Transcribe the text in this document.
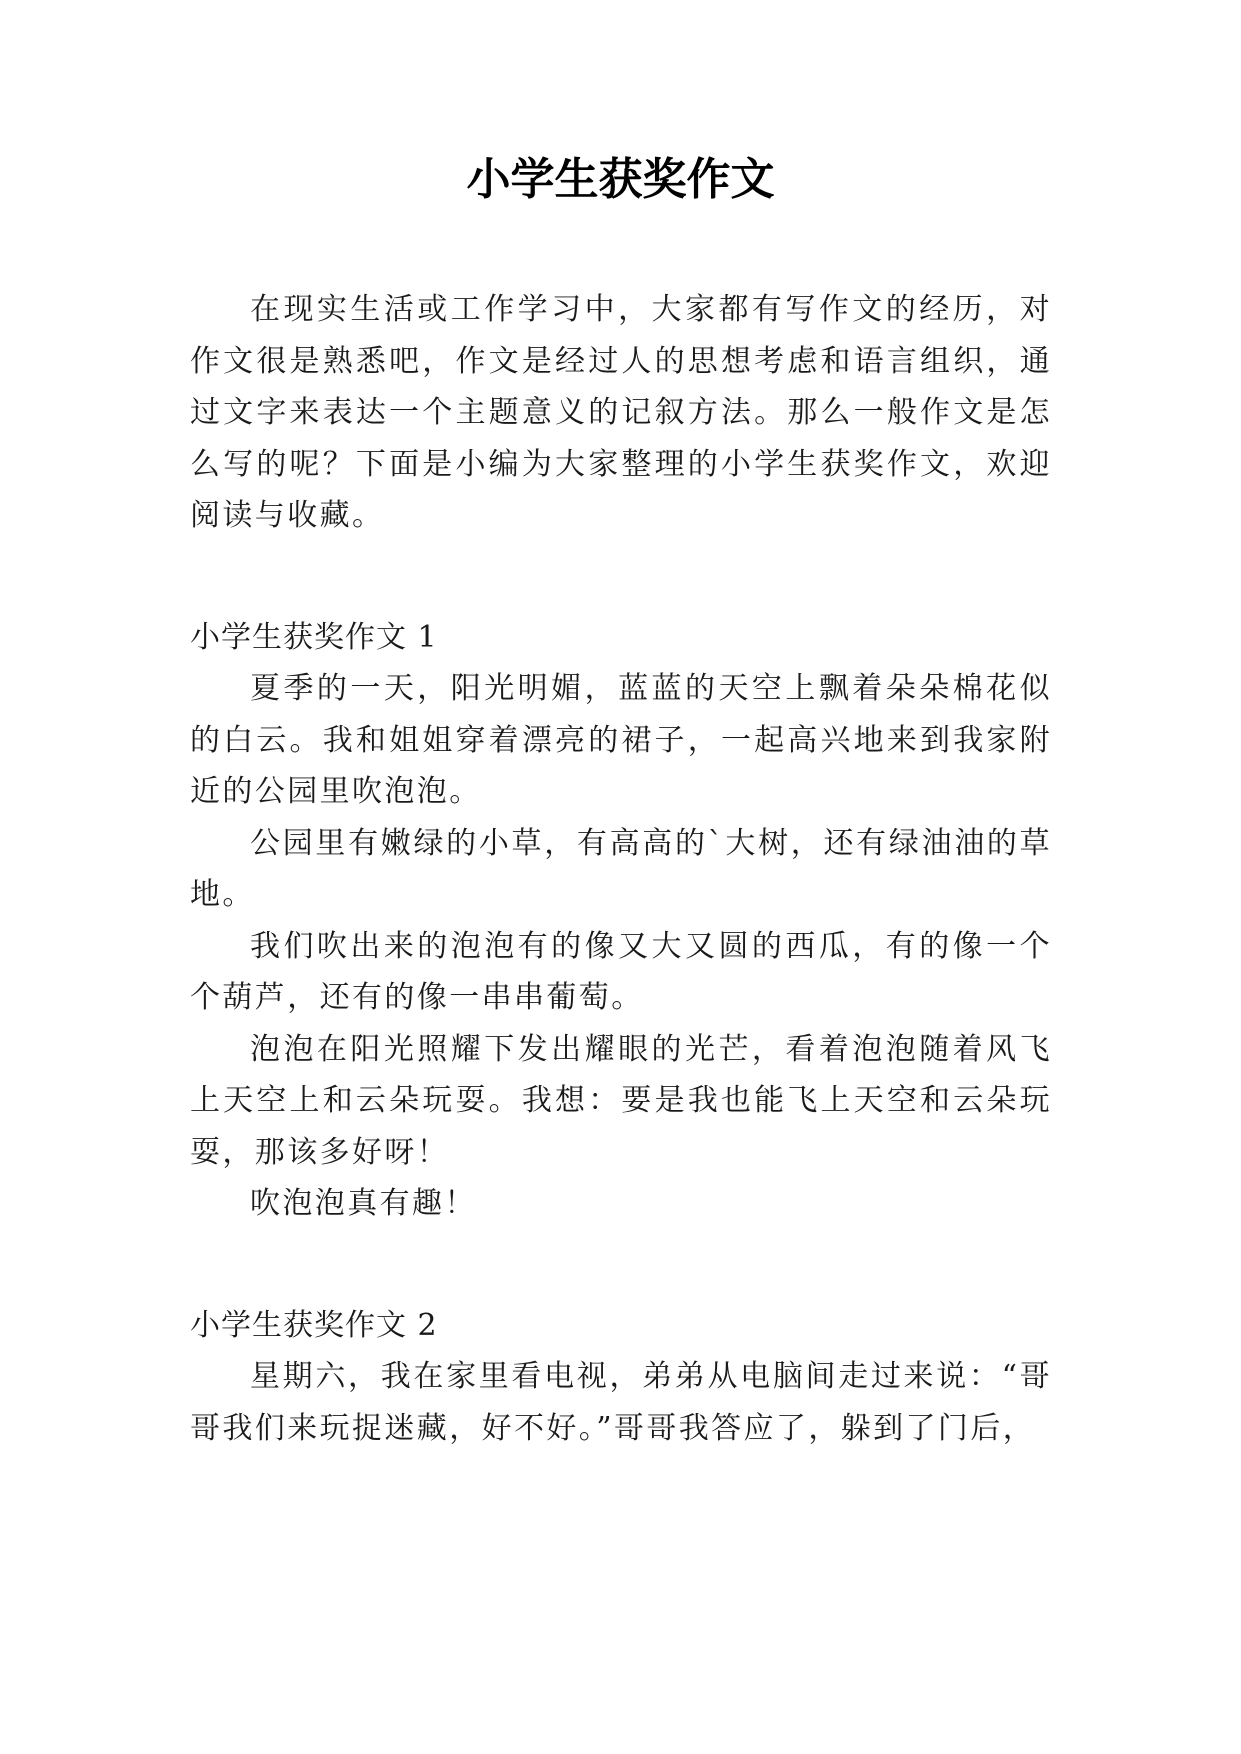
小学生获奖作文

在现实生活或工作学习中，大家都有写作文的经历，对作文很是熟悉吧，作文是经过人的思想考虑和语言组织，通过文字来表达一个主题意义的记叙方法。那么一般作文是怎么写的呢？下面是小编为大家整理的小学生获奖作文，欢迎阅读与收藏。

小学生获奖作文 1

夏季的一天，阳光明媚，蓝蓝的天空上飘着朵朵棉花似的白云。我和姐姐穿着漂亮的裙子，一起高兴地来到我家附近的公园里吹泡泡。

公园里有嫩绿的小草，有高高的`大树，还有绿油油的草地。

我们吹出来的泡泡有的像又大又圆的西瓜，有的像一个个葫芦，还有的像一串串葡萄。

泡泡在阳光照耀下发出耀眼的光芒，看着泡泡随着风飞上天空上和云朵玩耍。我想：要是我也能飞上天空和云朵玩耍，那该多好呀！

吹泡泡真有趣！

小学生获奖作文 2

星期六，我在家里看电视，弟弟从电脑间走过来说：“哥哥我们来玩捉迷藏，好不好。”哥哥我答应了，躲到了门后，
